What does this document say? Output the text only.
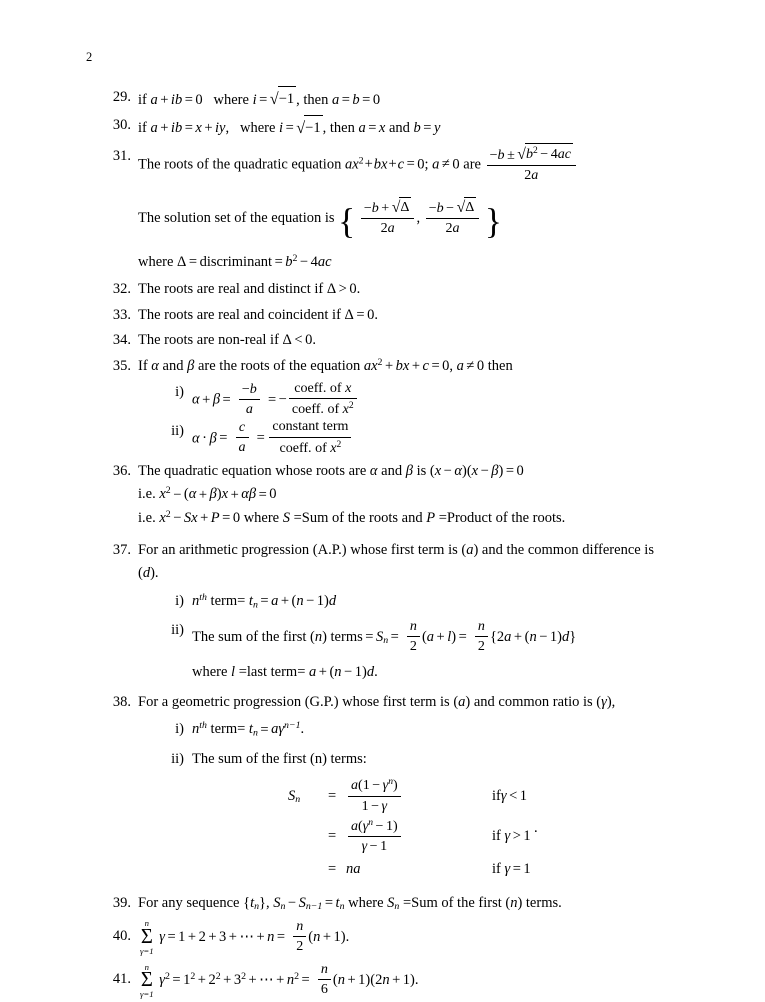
2
29. if a + ib = 0 where i = √−1 , then a = b = 0
30. if a + ib = x + iy, where i = √−1 , then a = x and b = y
31.
The roots of the quadratic equation $ax^2+bx+c = 0$; a ≠ 0 are $\frac{-b \pm √b^2 - 4ac}{2a}$
The solution set of the equation is { $\frac{-b + √\Delta}{2a}$ , $\frac{-b - √\Delta}{2a}$ }
where Δ = discriminant = $b^2 - 4ac$
32. The roots are real and distinct if Δ > 0.
33. The roots are real and coincident if Δ = 0.
34. The roots are non-real if Δ < 0.
35. If α and β are the roots of the equation $ax^2$ + bx + c = 0, a ≠ 0 then
i) $\alpha + \beta = \frac{-b}{a}$ = − $\frac{\text{coeff. of x}}{coeff. of x^2}$
ii) $\alpha \cdot \beta = \frac{c}{a} = \frac{\text{constant term}}{coeff. of x^2}$
36. The quadratic equation whose roots are α and β is (x − α)(x − β) = 0
i.e. $x^2 - (\alpha + \beta)x + \alpha\beta = 0$
i.e. $x^2 - Sx + P = 0$ where S =Sum of the roots and P =Product of the roots.
37. For an arithmetic progression (A.P.) whose first term is (a) and the common difference is (d).
i) $n^{th}$ term= $t_n = a + (n - 1)d$
ii) The sum of the first (n) terms = $S_n = \frac{n}{2} (a + l) = \frac{n}{2} \{2a + (n - 1)d\}$
where l =last term= a + (n − 1)d.
38. For a geometric progression (G.P.) whose first term is (a) and common ratio is (γ),
i) $n^{th}$ term= $t_n = a\gamma^{n-1}$.
ii) The sum of the first (n) terms:
$S_n$	= $\frac{a(1 - \gamma^n)}{1 - \gamma}$	ifγ < 1
= $\frac{a(\gamma^n - 1)}{\gamma - 1}$	if γ > 1 .
= na	if γ = 1
39. For any sequence $\{t_n\}$, $S_n - S_{n-1} = t_n$ where $S_n =Sum$ of the first (n) terms.
40.
n
Σ
γ=1
γ = 1 + 2 + 3 + ⋯ + $n = \frac{n}{2} (n + 1)$.
41.
n
Σ
γ=1
$\gamma^2 = 1^2 + 2^2 + 3^2$ + ⋯ + $n^2 = \frac{n}{6} (n + 1)(2n + 1)$.
